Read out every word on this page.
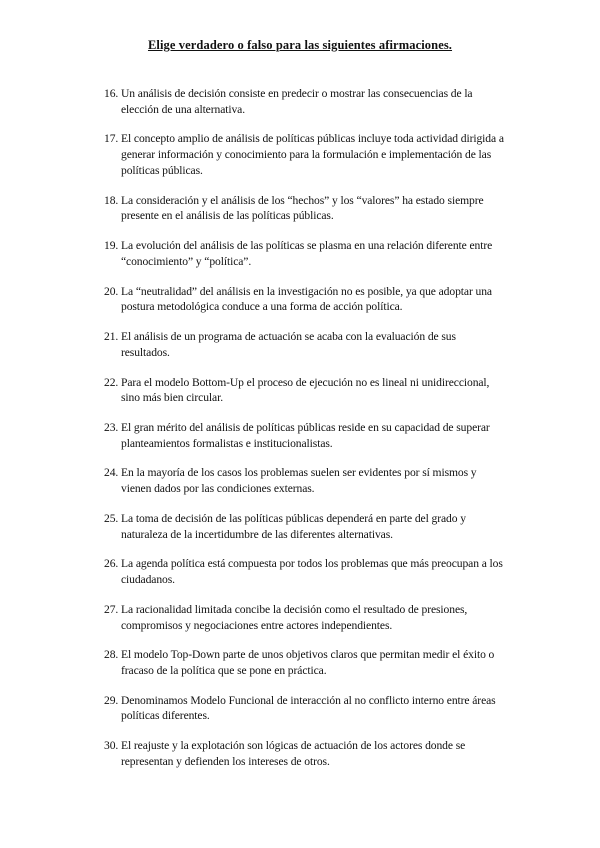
Elige verdadero o falso para las siguientes afirmaciones.
16. Un análisis de decisión consiste en predecir o mostrar las consecuencias de la elección de una alternativa.
17. El concepto amplio de análisis de políticas públicas incluye toda actividad dirigida a generar información y conocimiento para la formulación e implementación de las políticas públicas.
18. La consideración y el análisis de los “hechos” y los “valores” ha estado siempre presente en el análisis de las políticas públicas.
19. La evolución del análisis de las políticas se plasma en una relación diferente entre “conocimiento” y “política”.
20. La “neutralidad” del análisis en la investigación no es posible, ya que adoptar una postura metodológica conduce a una forma de acción política.
21. El análisis de un programa de actuación se acaba con la evaluación de sus resultados.
22. Para el modelo Bottom-Up el proceso de ejecución no es lineal ni unidireccional, sino más bien circular.
23. El gran mérito del análisis de políticas públicas reside en su capacidad de superar planteamientos formalistas e institucionalistas.
24. En la mayoría de los casos los problemas suelen ser evidentes por sí mismos y vienen dados por las condiciones externas.
25. La toma de decisión de las políticas públicas dependerá en parte del grado y naturaleza de la incertidumbre de las diferentes alternativas.
26. La agenda política está compuesta por todos los problemas que más preocupan a los ciudadanos.
27. La racionalidad limitada concibe la decisión como el resultado de presiones, compromisos y negociaciones entre actores independientes.
28. El modelo Top-Down parte de unos objetivos claros que permitan medir el éxito o fracaso de la política que se pone en práctica.
29. Denominamos Modelo Funcional de interacción al no conflicto interno entre áreas políticas diferentes.
30. El reajuste y la explotación son lógicas de actuación de los actores donde se representan y defienden los intereses de otros.
